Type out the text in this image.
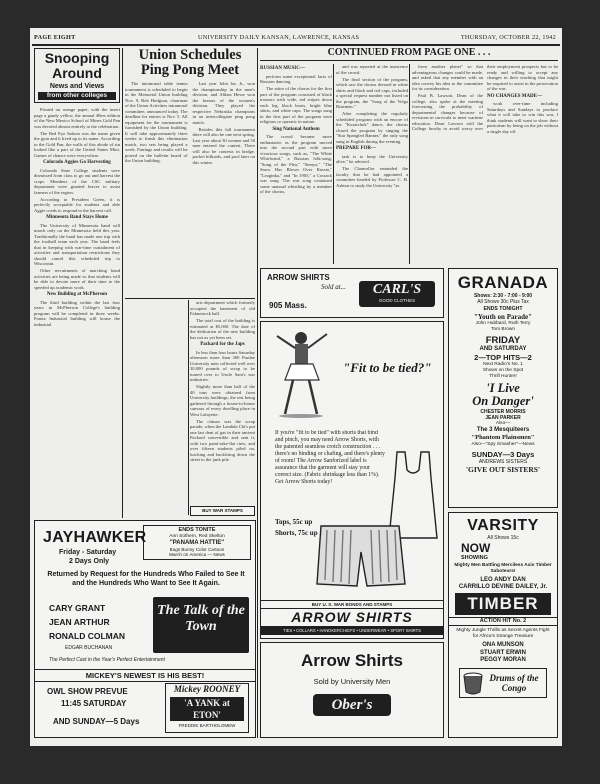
PAGE EIGHT	UNIVERSITY DAILY KANSAN, LAWRENCE, KANSAS	THURSDAY, OCTOBER 22, 1942
Snooping
Around
News and Views
from other colleges

Printed on orange paper, with the insert page a gaudy yellow, the annual 49ers edition of the New Mexico School of Mines Gold Pan was devoted almost entirely to the celebration.

The Red Eye Saloon was the name given the gym and it lived up to its name. According to the Gold Pan, the walls of this abode of sin looked like a part of the United States Mint. Games of chance were everywhere.

Colorado Aggies Go Harvesting

Colorado State College students were dismissed from class to go out and harvest the crops. Members of the CSC military department were granted leaves to assist farmers of the region.

According to President Green, it is perfectly acceptable for students and able Aggie coeds to respond to the harvest call.

Minnesota Band Stays Home

The University of Minnesota band will march only on the Minnesota field this year. Traditionally the band has made one trip with the football team each year. The band feels that in keeping with war-time curtailment of activities and transportation restrictions they should cancel this scheduled trip to Wisconsin.

Other recruitments of marching band activities are being made so that students will be able to devote more of their time to the speeded up academic work.

New Building at McPherson

The third building within the last four years in McPherson College's building program will be completed in three weeks. Frantz Industrial building will house the industrial

Union Schedules
Ping Pong Meet

The intramural table tennis tournament is scheduled to begin in the Memorial Union building Nov. 9, Bob Hodgson, chairman of the Union Activities intramural committee, announced today. The deadline for entries is Nov. 5. All equipment for the tournament is furnished by the Union building. It will take approximately three weeks to finish this elimination match, two sets being played a week. Pairings and results will be posted on the bulletin board of the Union building.

Last year John Ise, Jr., won the championship in the men's division, and Althea Hesse won the honors of the women's division. They played the respective Nebraska champions in an intercollegiate ping pong match.

Besides this fall tournament there will also be one next spring. Last year about 30 women and 50 men entered the contest. There will also be contests in bridge, pocket billiards, and pool later on this winter.

arts department which formerly occupied the basement of old Fahnestock hall.

The total cost of the building is estimated at $5,000. The date of the dedication of the new building has not as yet been set.

Packard for the Japs

In less than four hours Saturday afternoon more than 300 Purdue University men collected well over 30,000 pounds of scrap to be turned over to Uncle Sam's war industries.

Slightly more than half of the 40 tons were obtained from University buildings, the rest being gathered through a house-to-house canvass of every dwelling place in West Lafayette.

The climax was the scrap parade, when the Lambda Chi's put one last dent of gas in their ancient Packard convertible and sent it, with two paint-rake-flat tires, and over fifteen students piled on, lurching and backfiring down the street to the junk pile.

BUY WAR STAMPS
CONTINUED FROM PAGE ONE . . .

RUSSIAN MUSIC—

perform some exceptional facts of Russian dancing.

The attire of the chorus for the first part of the program consisted of black trousers with wide, red stripes down each leg, black boots, bright blue shirts, and white caps. The songs sung in the first part of the program were religious or operatic in nature.

Sing National Anthem

The crowd became more enthusiastic as the program moved into the second part with more vivacious songs, such as, "The White Whirlwind," a Russian folk-song, "Song of the Flea," "Stenya," "The Snow Has Blown Over Russia," "Lezginka," and "In 1905," a Cossack war song. The war song contained some unusual whistling by a member of the chorus,

and was repeated at the insistence of the crowd.

The final section of the program, which saw the chorus dressed in white shirts and black and red caps, included a special request number not listed on the program, the "Song of the Volga Boatmen."

After completing the regularly scheduled program with an encore of the "Kozatchok" dance, the chorus closed the program by singing the "Star Spangled Banner," the only song sung in English during the evening.

PREPARE FOR—

task is to keep the University alive," he advised.

The Chancellor reminded the faculty that he had appointed a committee headed by Professor C. H. Ashton to study the University "as

from another planet" so that advantageous changes could be made, and asked that any member with an idea convey his idea to the committee for its consideration.

Paul B. Lawson, Dean of the college, also spoke at the meeting forecasting the probability of departmental changes because of revisions in curricula to meet wartime education. Dean Lawson told the College faculty to avoid worry over their employment prospects but to be ready and willing to accept any changes in their teaching that might be required to assist in the prosecution of the war.

NO CHANGES MADE—

work over-time including Saturdays and Sundays to produce what it will take to win this war, I think students will want to show their patriotism by being on the job without a single day off.

ARROW SHIRTS
Sold at...
905 Mass.
CARL'S
GOOD CLOTHES
"Fit to be tied?"
If you're "fit to be tied" with shorts that bind and pinch, you may need Arrow Shorts, with the patented seamless crotch construction . . . there's no binding or chafing, and there's plenty of room! The Arrow Sanforized label is assurance that the garment will stay your correct size. (Fabric shrinkage less than 1%). Get Arrow Shorts today!
Tops, 55c up
Shorts, 75c up
BUY U. S. WAR BONDS AND STAMPS
ARROW SHIRTS
TIES • COLLARS • HANDKERCHIEFS • UNDERWEAR • SPORT SHIRTS
Arrow Shirts
Sold by University Men
Ober's
GRANADA
Shows: 2:30 - 7:00 - 9:00
All Shows 30c Plus Tax
ENDS TONIGHT
"Youth on Parade"
John Hubbard, Ruth Terry
Tom Brown
FRIDAY
AND SATURDAY
2—TOP HITS—2
Next Radio's No. 1
Shows on the Spot
Thrill Hunter!
'I Live
On Danger'
CHESTER MORRIS
JEAN PARKER
Also—
The 3 Mesquiteers
"Phantom Plainsmen"
Also—"Spy Smasher"—News
SUNDAY—3 Days
ANDREWS SISTERS
'GIVE OUT SISTERS'
ENDS TONITE
Ann Sothern, Red Skelton
"PANAMA HATTIE"
Bugs Bunny Color Cartoon
March on America — News
JAYHAWKER
Friday - Saturday
2 Days Only
Returned by Request for the Hundreds Who Failed to See It and the Hundreds Who Want to See It Again.
CARY GRANT
JEAN ARTHUR
RONALD COLMAN
EDGAR BUCHANAN
The Talk of the Town
The Perfect Cast in the Year's Perfect Entertainment
MICKEY'S NEWEST IS HIS BEST!
OWL SHOW PREVUE
11:45 SATURDAY
AND SUNDAY—5 Days
Mickey ROONEY
'A YANK at ETON'
FREDDIE BARTHOLOMEW
VARSITY
All Shows 15c
NOW
SHOWING
Mighty Men Battling Merciless Axis Timber Saboteurs!
LEO ANDY DAN
CARRILLO DEVINE DAILEY, Jr.
TIMBER
ACTION HIT No. 2
Mighty Jungle Thrills as Secret Agents Fight for Africa's Strange Treasure
ONA MUNSON
STUART ERWIN
PEGGY MORAN
Drums of the Congo
